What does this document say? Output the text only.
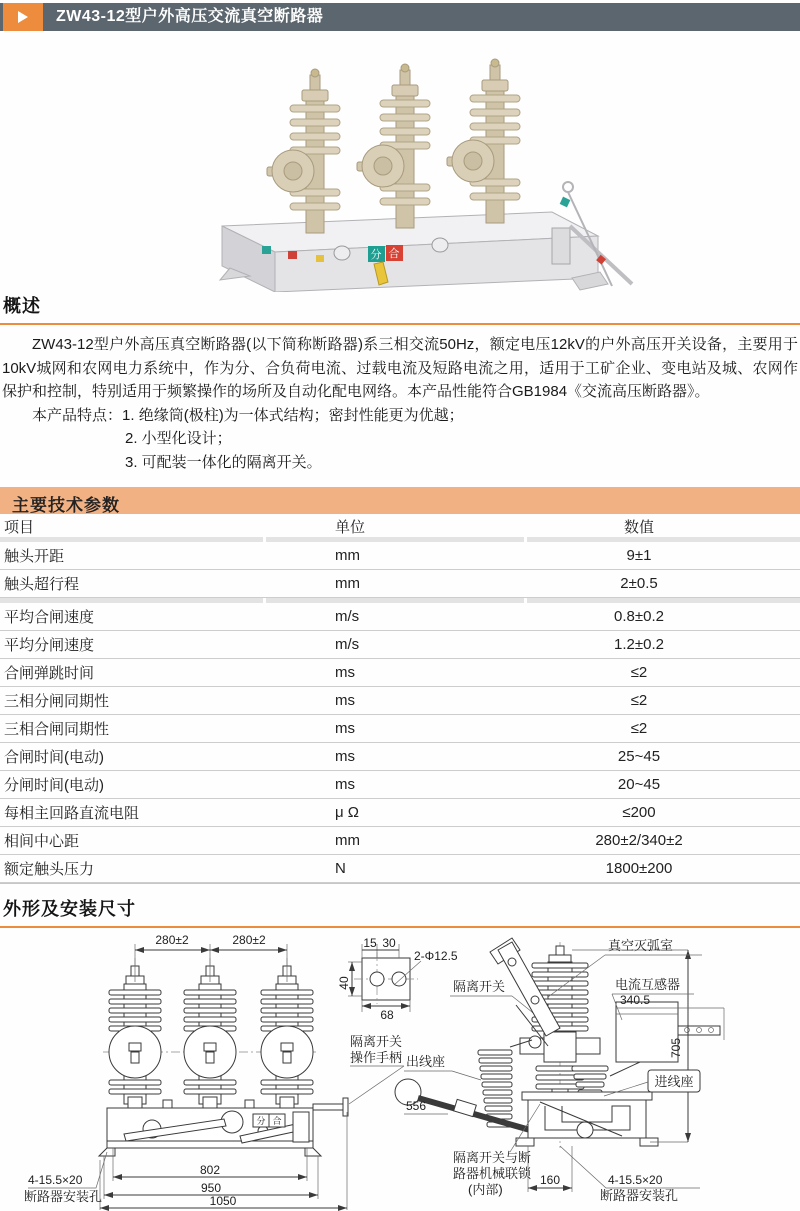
ZW43-12型户外高压交流真空断路器
分 合
概述

ZW43-12型户外高压真空断路器(以下简称断路器)系三相交流50Hz，额定电压12kV的户外高压开关设备，主要用于10kV城网和农网电力系统中，作为分、合负荷电流、过载电流及短路电流之用，适用于工矿企业、变电站及城、农网作保护和控制，特别适用于频繁操作的场所及自动化配电网络。本产品性能符合GB1984《交流高压断路器》。

本产品特点：1. 绝缘筒(极柱)为一体式结构；密封性能更为优越；

2. 小型化设计；

3. 可配装一体化的隔离开关。

主要技术参数
项目	单位	数值
触头开距	mm	9±1
触头超行程	mm	2±0.5
平均合闸速度	m/s	0.8±0.2
平均分闸速度	m/s	1.2±0.2
合闸弹跳时间	ms	≤2
三相分闸同期性	ms	≤2
三相合闸同期性	ms	≤2
合闸时间(电动)	ms	25~45
分闸时间(电动)	ms	20~45
每相主回路直流电阻	μ Ω	≤200
相间中心距	mm	280±2/340±2
额定触头压力	N	1800±200
外形及安装尺寸
分 合
280±2	280±2
802
950
1050
4-15.5×20
断路器安装孔
15 30
40
68
2-Φ12.5
隔离开关
操作手柄	705
340.5
556
160
真空灭弧室
隔离开关	电流互感器
出线座
进线座
隔离开关与断
路器机械联锁
(内部)
4-15.5×20
断路器安装孔
